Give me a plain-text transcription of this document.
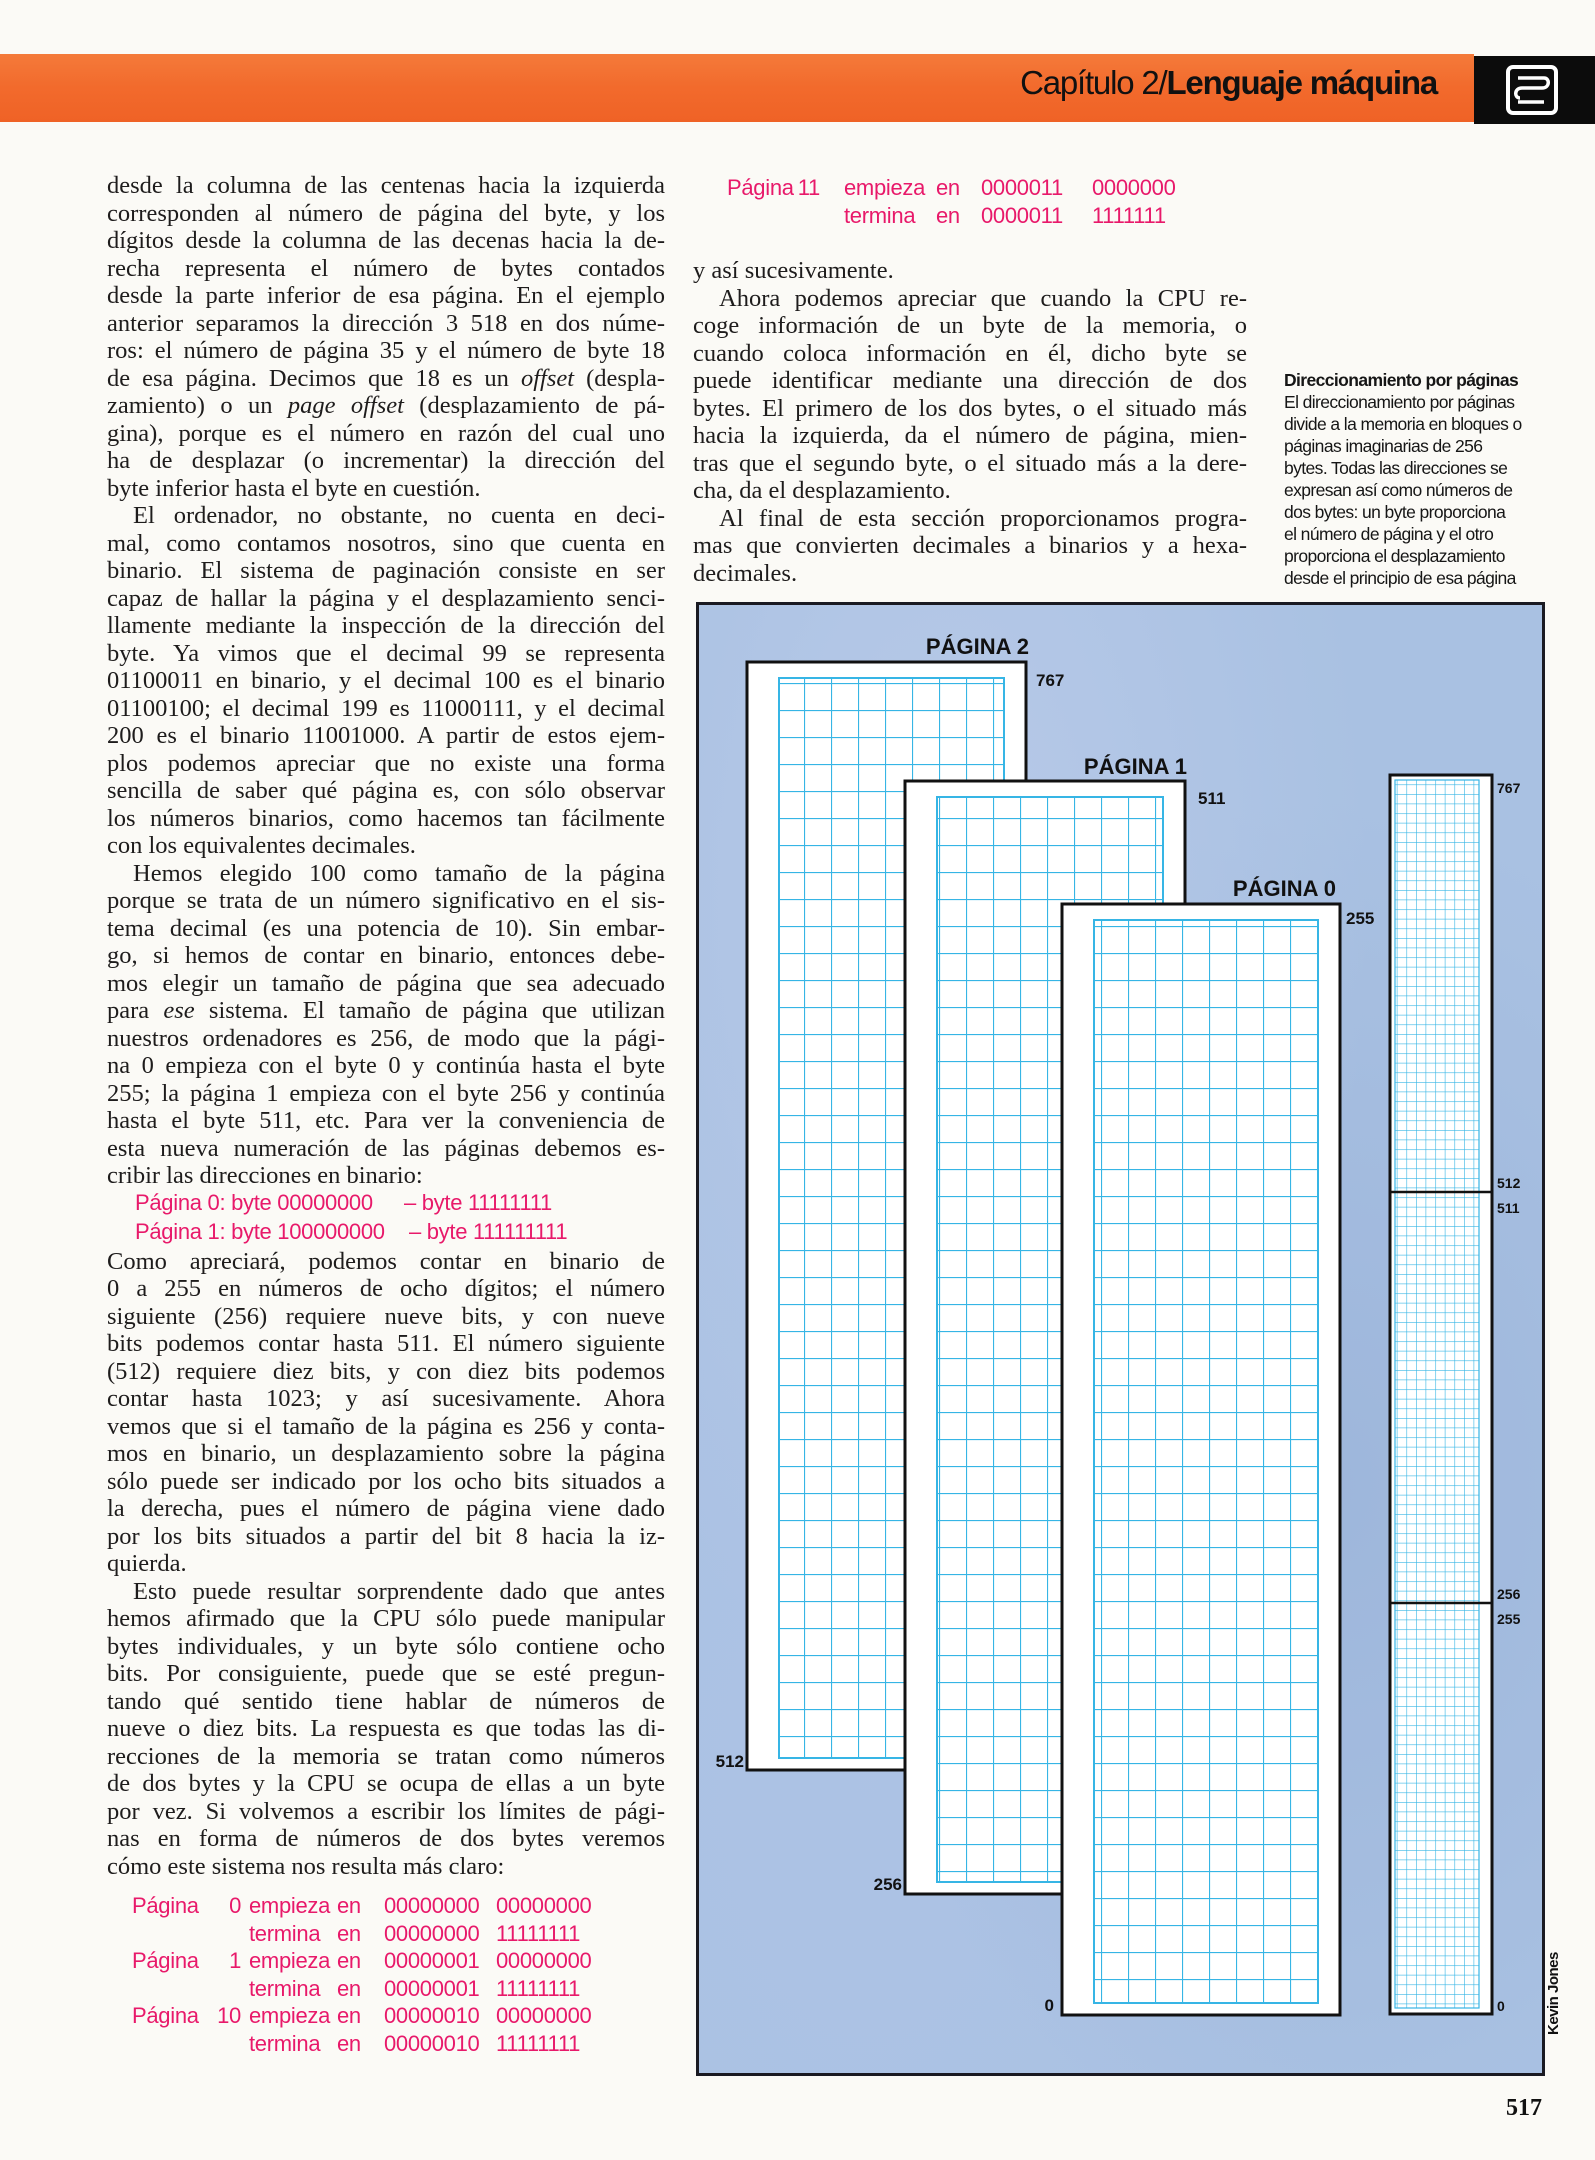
Capítulo 2/Lenguaje máquina
desde la columna de las centenas hacia la izquierda
corresponden al número de página del byte, y los
dígitos desde la columna de las decenas hacia la de-
recha representa el número de bytes contados
desde la parte inferior de esa página. En el ejemplo
anterior separamos la dirección 3 518 en dos núme-
ros: el número de página 35 y el número de byte 18
de esa página. Decimos que 18 es un offset (despla-
zamiento) o un page offset (desplazamiento de pá-
gina), porque es el número en razón del cual uno
ha de desplazar (o incrementar) la dirección del
byte inferior hasta el byte en cuestión.
El ordenador, no obstante, no cuenta en deci-
mal, como contamos nosotros, sino que cuenta en
binario. El sistema de paginación consiste en ser
capaz de hallar la página y el desplazamiento senci-
llamente mediante la inspección de la dirección del
byte. Ya vimos que el decimal 99 se representa
01100011 en binario, y el decimal 100 es el binario
01100100; el decimal 199 es 11000111, y el decimal
200 es el binario 11001000. A partir de estos ejem-
plos podemos apreciar que no existe una forma
sencilla de saber qué página es, con sólo observar
los números binarios, como hacemos tan fácilmente
con los equivalentes decimales.
Hemos elegido 100 como tamaño de la página
porque se trata de un número significativo en el sis-
tema decimal (es una potencia de 10). Sin embar-
go, si hemos de contar en binario, entonces debe-
mos elegir un tamaño de página que sea adecuado
para ese sistema. El tamaño de página que utilizan
nuestros ordenadores es 256, de modo que la pági-
na 0 empieza con el byte 0 y continúa hasta el byte
255; la página 1 empieza con el byte 256 y continúa
hasta el byte 511, etc. Para ver la conveniencia de
esta nueva numeración de las páginas debemos es-
cribir las direcciones en binario:
Página 0: byte 00000000 – byte 11111111
Página 1: byte 100000000 – byte 111111111
Como apreciará, podemos contar en binario de
0 a 255 en números de ocho dígitos; el número
siguiente (256) requiere nueve bits, y con nueve
bits podemos contar hasta 511. El número siguiente
(512) requiere diez bits, y con diez bits podemos
contar hasta 1023; y así sucesivamente. Ahora
vemos que si el tamaño de la página es 256 y conta-
mos en binario, un desplazamiento sobre la página
sólo puede ser indicado por los ocho bits situados a
la derecha, pues el número de página viene dado
por los bits situados a partir del bit 8 hacia la iz-
quierda.
Esto puede resultar sorprendente dado que antes
hemos afirmado que la CPU sólo puede manipular
bytes individuales, y un byte sólo contiene ocho
bits. Por consiguiente, puede que se esté pregun-
tando qué sentido tiene hablar de números de
nueve o diez bits. La respuesta es que todas las di-
recciones de la memoria se tratan como números
de dos bytes y la CPU se ocupa de ellas a un byte
por vez. Si volvemos a escribir los límites de pági-
nas en forma de números de dos bytes veremos
cómo este sistema nos resulta más claro:
Página	0 empieza en 00000000 00000000
termina en 00000000 11111111
Página	1 empieza en 00000001 00000000
termina en 00000001 11111111
Página 10 empieza en 00000010 00000000
termina en 00000010 11111111
Página 11 empieza en 0000011 0000000
termina en 0000011 1111111
y así sucesivamente.
Ahora podemos apreciar que cuando la CPU re-
coge información de un byte de la memoria, o
cuando coloca información en él, dicho byte se
puede identificar mediante una dirección de dos
bytes. El primero de los dos bytes, o el situado más
hacia la izquierda, da el número de página, mien-
tras que el segundo byte, o el situado más a la dere-
cha, da el desplazamiento.
Al final de esta sección proporcionamos progra-
mas que convierten decimales a binarios y a hexa-
decimales.
Direccionamiento por páginas
El direccionamiento por páginas
divide a la memoria en bloques o
páginas imaginarias de 256
bytes. Todas las direcciones se
expresan así como números de
dos bytes: un byte proporciona
el número de página y el otro
proporciona el desplazamiento
desde el principio de esa página
PÁGINA 2
767
512
PÁGINA 1
511
256
PÁGINA 0
255
0
767
512
511
256
255
0	Kevin Jones
517
